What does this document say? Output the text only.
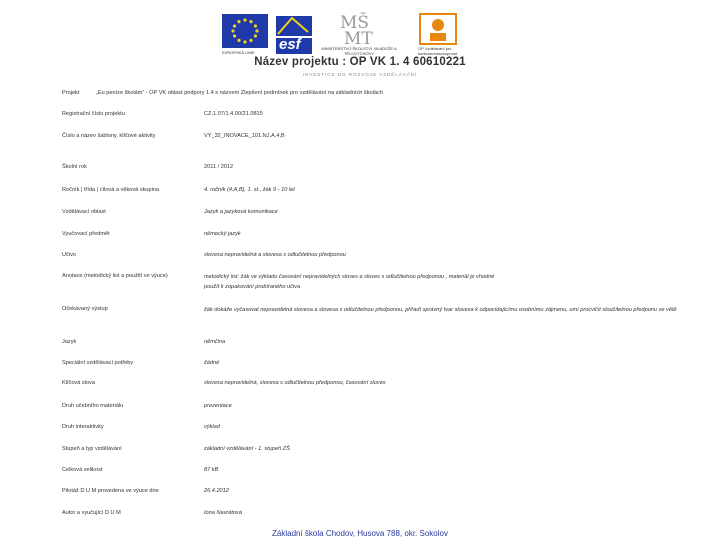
EVROPSKÁ UNIE esf
MŠ
MT
MINISTERSTVO ŠKOLSTVÍ, MLÁDEŽE A TĚLOVÝCHOVY
OP Vzdělávání pro konkurenceschopnost
Název projektu : OP VK 1. 4 60610221
INVESTICE DO ROZVOJE VZDĚLÁVÁNÍ
Projekt	„Eu peníze školám“ - OP VK oblast podpory 1.4 s názvem Zlepšení podmínek pro vzdělávání na základních školách
Registrační číslo projektu	CZ.1.07/1.4.00/21.0815
Číslo a název šablony, klíčové aktivity	VY_32_INOVACE_101.NJ.A.4,B
Školní rok	2011 / 2012
Ročník | třída | cílová a věková skupina	4. ročník (4.A,B), 1. st., žák 9 - 10 let
Vzdělávací oblast	Jazyk a jazyková komunikace
Vyučovací předmět	německý jazyk
Učivo	slovesa nepravidelná a slovesa s odlučitelnou předponou
Anotace (metodický list a použití ve výuce)	metodický list: žák ve výkladu časování nepravidelných sloves a sloves s odlučitelnou předponou , materiál je vhodné použít k zopakování probíraného učiva
Očekávaný výstup	žák dokáže vyčasovat nepravidelná slovesa a slovesa s odlučitelnou předponou, přiřadí správný tvar slovesa k odpovídajícímu osobnímu zájmenu, umí procvičit sloučitelnou předponu ve větě
Jazyk	němčina
Speciální vzdělávací potřeby	žádné
Klíčová slova	slovesa nepravidelná, slovesa s odlučitelnou předponou, časování sloves
Druh učebního materiálu	prezentace
Druh interaktivity	výklad
Stupeň a typ vzdělávání	základní vzdělávání - 1. stupeň ZŠ
Celková velikost	87 kB
Pilotáž D U M provedena ve výuce dne	26.4.2012
Autor a vyučující D U M	Iona Navrátová
Základní škola Chodov, Husova 788, okr. Sokolov
